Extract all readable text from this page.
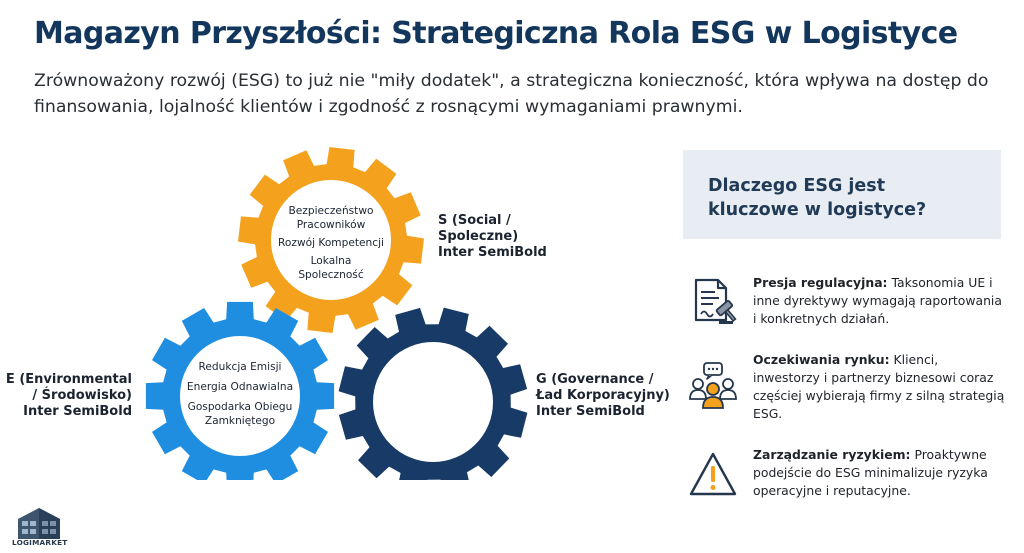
Magazyn Przyszłości: Strategiczna Rola ESG w Logistyce
Zrównoważony rozwój (ESG) to już nie "miły dodatek", a strategiczna konieczność, która wpływa na dostęp do finansowania, lojalność klientów i zgodność z rosnącymi wymaganiami prawnymi.
Bezpieczeństwo
Pracowników
Rozwój Kompetencji
Lokalna
Spoleczność
Redukcja Emisji
Energia Odnawialna
Gospodarka Obiegu
Zamkniętego
Etyczny Łańcuch
Dostaw
Transparentność
Zarządzanie
Ryzykiem
S (Social /
Spoleczne)
Inter SemiBold
E (Environmental
/ Środowisko)
Inter SemiBold
G (Governance /
Ład Korporacyjny)
Inter SemiBold
Dlaczego ESG jest kluczowe w logistyce?
Presja regulacyjna: Taksonomia UE i inne dyrektywy wymagają raportowania i konkretnych działań.
Oczekiwania rynku: Klienci, inwestorzy i partnerzy biznesowi coraz częściej wybierają firmy z silną strategią ESG.
Zarządzanie ryzykiem: Proaktywne podejście do ESG minimalizuje ryzyka operacyjne i reputacyjne.
LOGIMARKET
